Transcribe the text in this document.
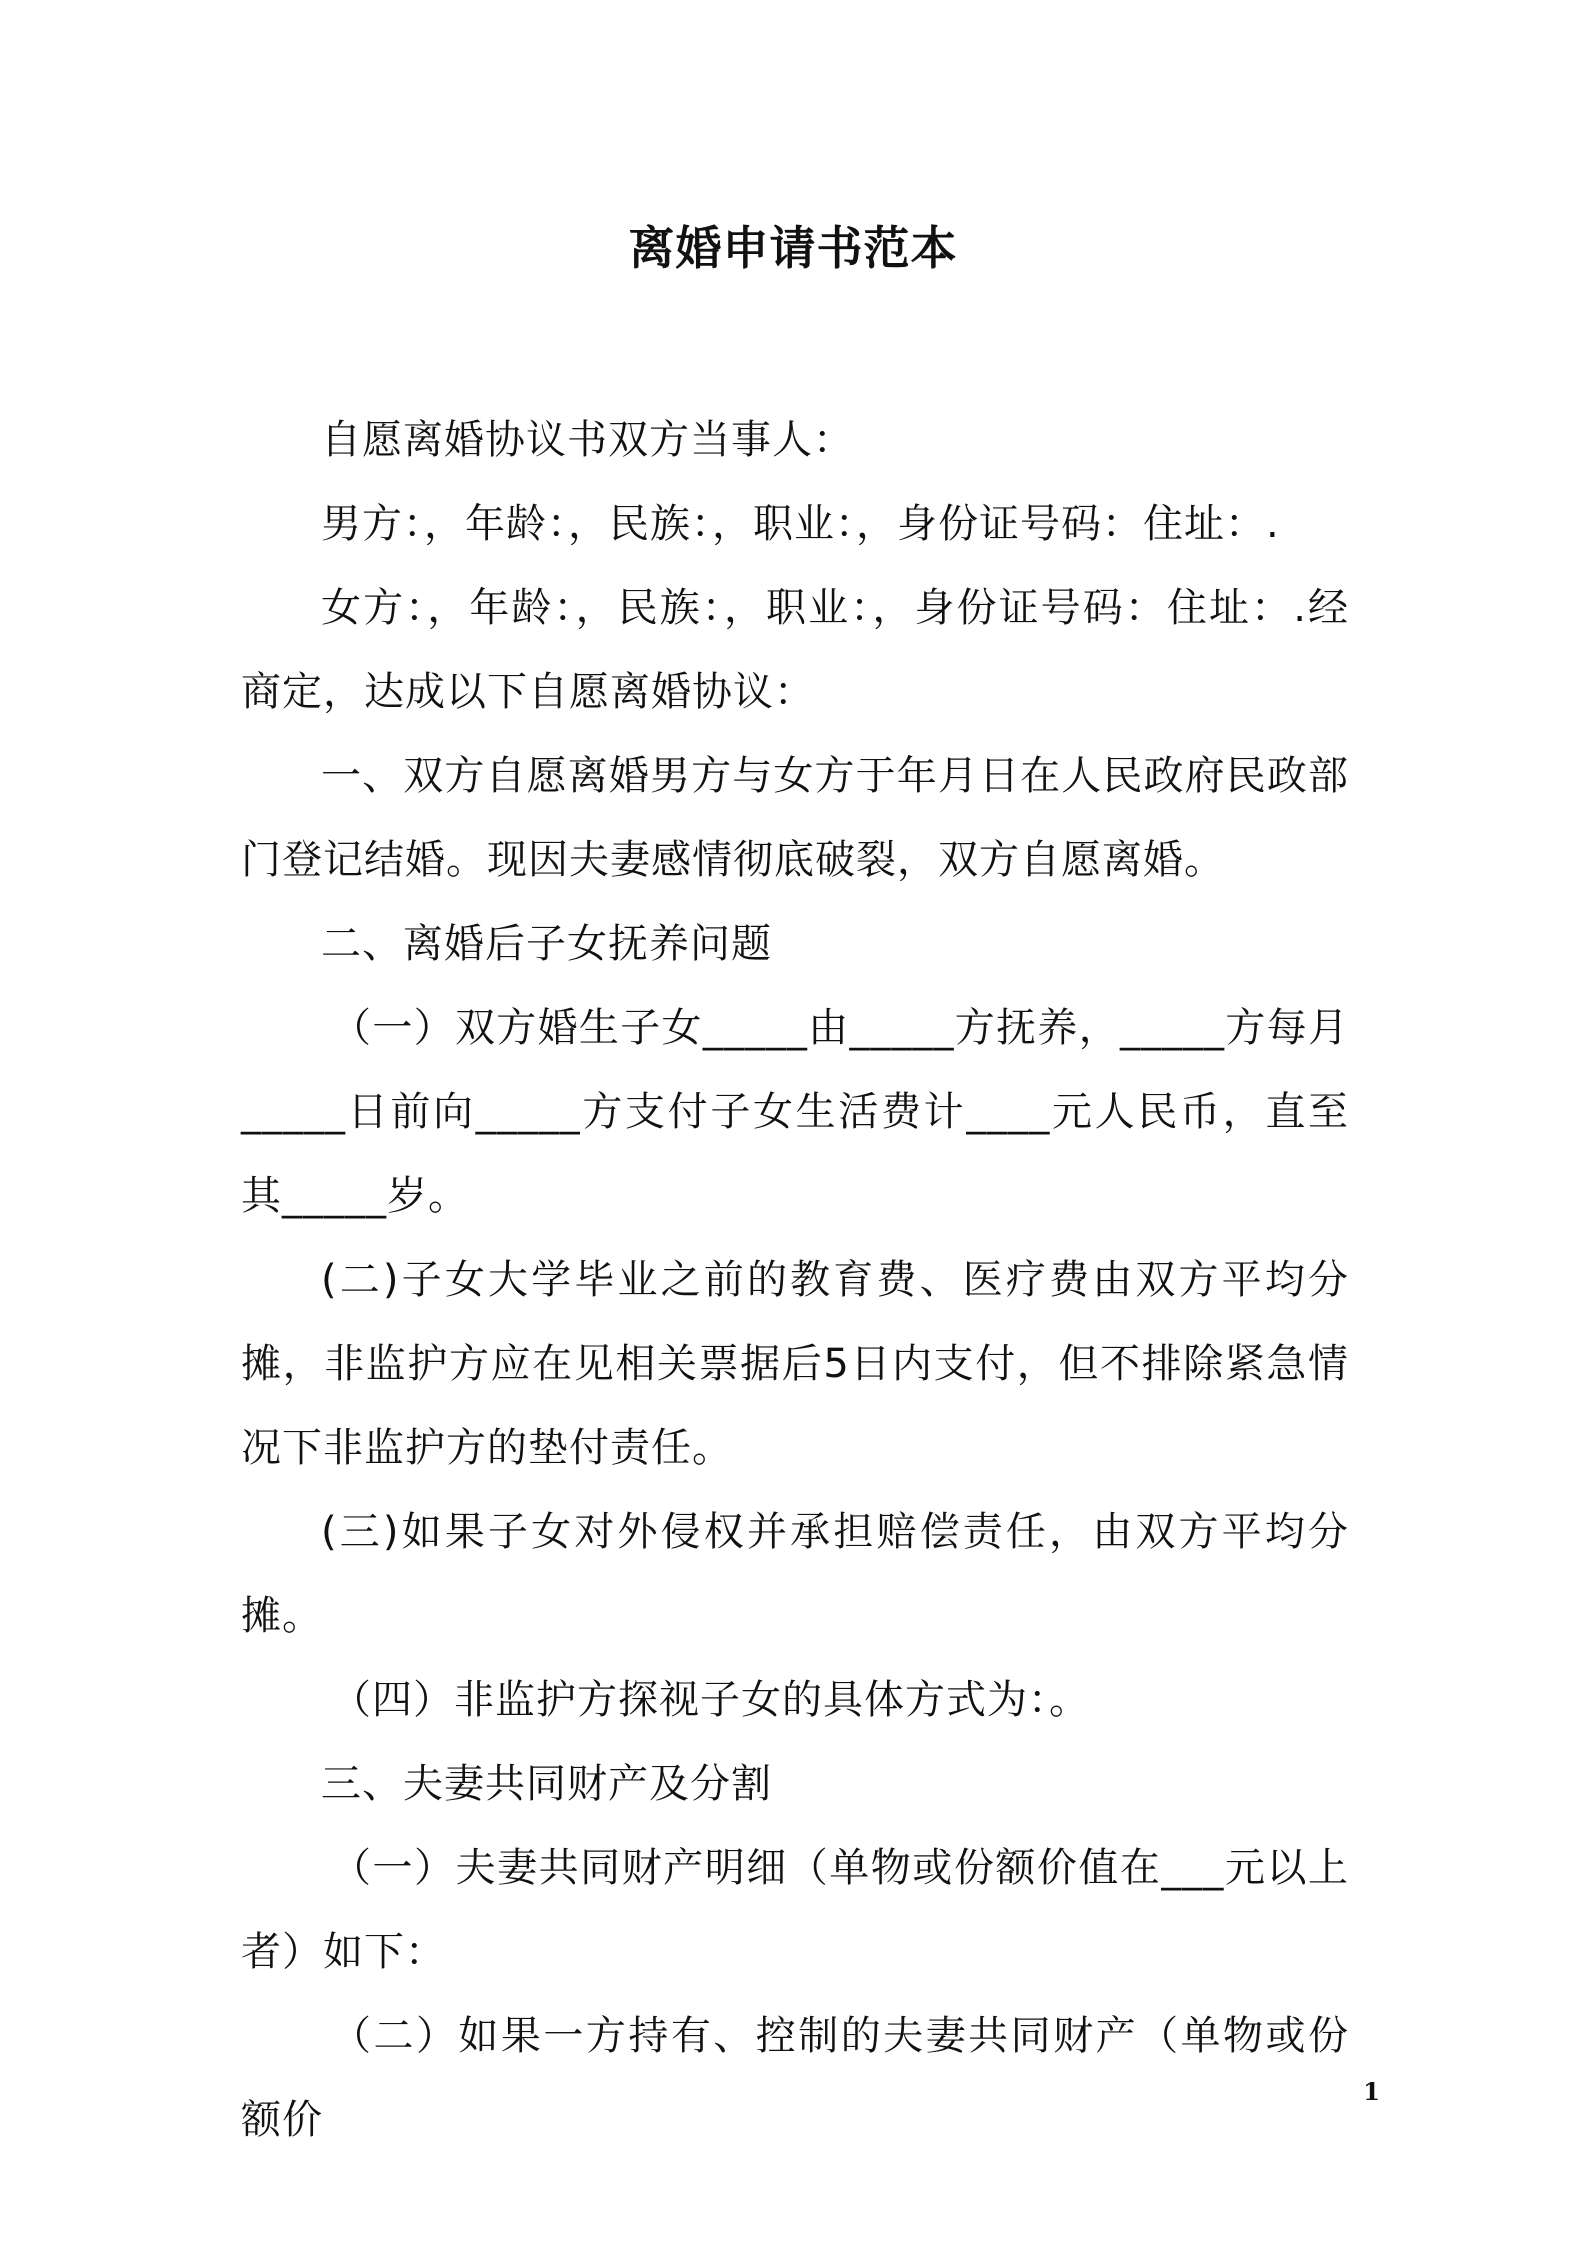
离婚申请书范本

自愿离婚协议书双方当事人：

男方：，年龄：，民族：，职业：，身份证号码：住址：.

女方：，年龄：，民族：，职业：，身份证号码：住址：.经商定，达成以下自愿离婚协议：

一、双方自愿离婚男方与女方于年月日在人民政府民政部门登记结婚。现因夫妻感情彻底破裂，双方自愿离婚。

二、离婚后子女抚养问题

（一）双方婚生子女_____由_____方抚养，_____方每月_____日前向_____方支付子女生活费计____元人民币，直至其_____岁。

(二)子女大学毕业之前的教育费、医疗费由双方平均分摊，非监护方应在见相关票据后5日内支付，但不排除紧急情况下非监护方的垫付责任。

(三)如果子女对外侵权并承担赔偿责任，由双方平均分摊。

（四）非监护方探视子女的具体方式为：。

三、夫妻共同财产及分割

（一）夫妻共同财产明细（单物或份额价值在___元以上者）如下：

（二）如果一方持有、控制的夫妻共同财产（单物或份额价

1
